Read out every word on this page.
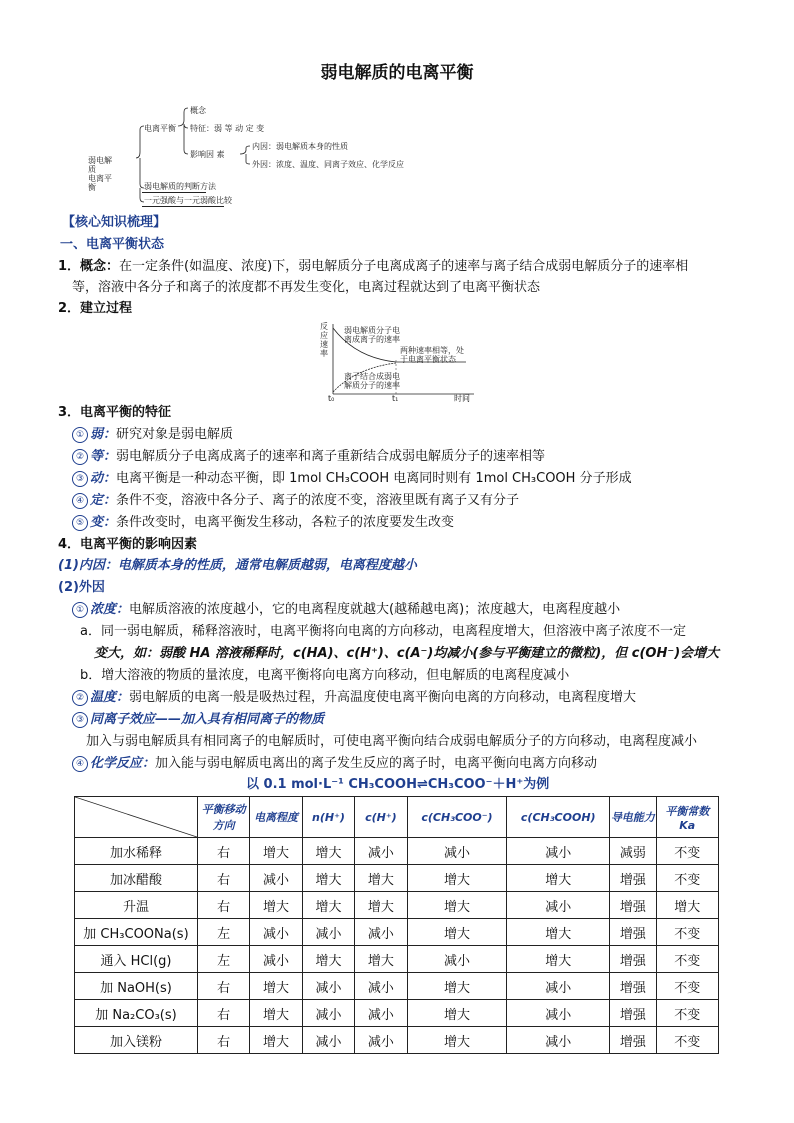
弱电解质的电离平衡
弱电解质
电离平衡
电离平衡
概念
特征：弱 等 动 定 变
影响因 素
内因：弱电解质本身的性质
外因：浓度、温度、同离子效应、化学反应
弱电解质的判断方法
一元强酸与一元弱酸比较
【核心知识梳理】
一、电离平衡状态
1．概念：在一定条件(如温度、浓度)下，弱电解质分子电离成离子的速率与离子结合成弱电解质分子的速率相
等，溶液中各分子和离子的浓度都不再发生变化，电离过程就达到了电离平衡状态
2．建立过程
反应速率
弱电解质分子电离成离子的速率
两种速率相等，处于电离平衡状态
离子结合成弱电解质分子的速率
t₀	t₁	时间
3．电离平衡的特征
① 弱：研究对象是弱电解质
② 等：弱电解质分子电离成离子的速率和离子重新结合成弱电解质分子的速率相等
③ 动：电离平衡是一种动态平衡，即 1mol CH₃COOH 电离同时则有 1mol CH₃COOH 分子形成
④ 定：条件不变，溶液中各分子、离子的浓度不变，溶液里既有离子又有分子
⑤ 变：条件改变时，电离平衡发生移动，各粒子的浓度要发生改变
4．电离平衡的影响因素
(1)内因：电解质本身的性质，通常电解质越弱，电离程度越小
(2)外因
① 浓度：电解质溶液的浓度越小，它的电离程度就越大(越稀越电离)；浓度越大，电离程度越小
a．同一弱电解质，稀释溶液时，电离平衡将向电离的方向移动，电离程度增大，但溶液中离子浓度不一定
变大，如：弱酸 HA 溶液稀释时，c(HA)、c(H⁺)、c(A⁻)均减小(参与平衡建立的微粒)，但 c(OH⁻)会增大
b．增大溶液的物质的量浓度，电离平衡将向电离方向移动，但电解质的电离程度减小
② 温度：弱电解质的电离一般是吸热过程，升高温度使电离平衡向电离的方向移动，电离程度增大
③ 同离子效应——加入具有相同离子的物质
加入与弱电解质具有相同离子的电解质时，可使电离平衡向结合成弱电解质分子的方向移动，电离程度减小
④ 化学反应：加入能与弱电解质电离出的离子发生反应的离子时，电离平衡向电离方向移动
以 0.1 mol·L⁻¹ CH₃COOH⇌CH₃COO⁻＋H⁺为例
	平衡移动方向	电离程度	n(H⁺)	c(H⁺)	c(CH₃COO⁻)	c(CH₃COOH)	导电能力	平衡常数 Ka
加水稀释	右	增大	增大	减小	减小	减小	减弱	不变
加冰醋酸	右	减小	增大	增大	增大	增大	增强	不变
升温	右	增大	增大	增大	增大	减小	增强	增大
加 CH₃COONa(s)	左	减小	减小	减小	增大	增大	增强	不变
通入 HCl(g)	左	减小	增大	增大	减小	增大	增强	不变
加 NaOH(s)	右	增大	减小	减小	增大	减小	增强	不变
加 Na₂CO₃(s)	右	增大	减小	减小	增大	减小	增强	不变
加入镁粉	右	增大	减小	减小	增大	减小	增强	不变
